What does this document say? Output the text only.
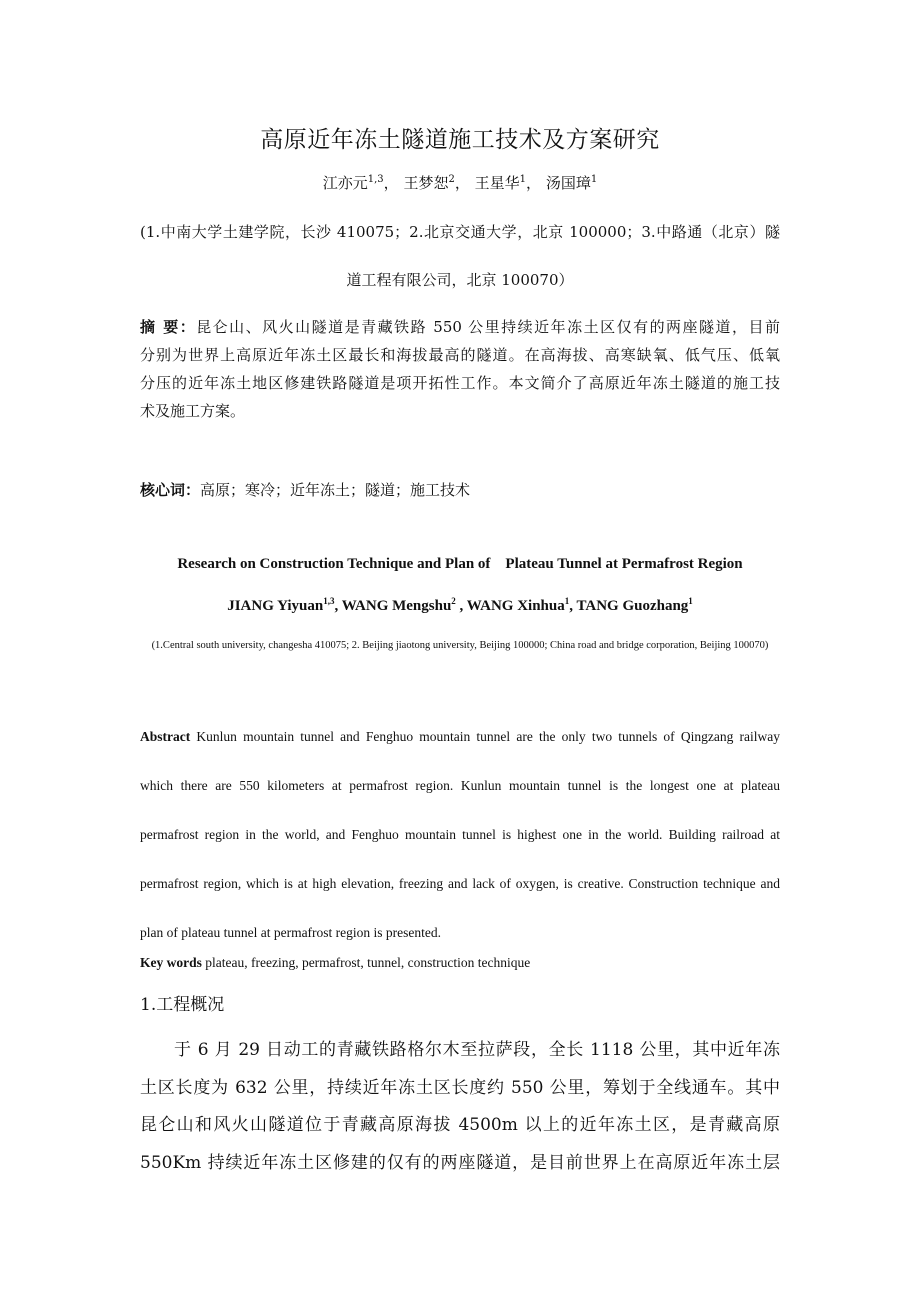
高原近年冻土隧道施工技术及方案研究
江亦元$^{1,3}$， 王梦恕$^2$， 王星华$^1$， 汤国璋$^1$
(1.中南大学土建学院，长沙 410075；2.北京交通大学，北京 100000；3.中路通（北京）隧
道工程有限公司，北京 100070）
摘 要：昆仑山、风火山隧道是青藏铁路 550 公里持续近年冻土区仅有的两座隧道，目前
分别为世界上高原近年冻土区最长和海拔最高的隧道。在高海拔、高寒缺氧、低气压、低氧
分压的近年冻土地区修建铁路隧道是项开拓性工作。本文简介了高原近年冻土隧道的施工技
术及施工方案。
核心词：高原；寒冷；近年冻土；隧道；施工技术
Research on Construction Technique and Plan of    Plateau Tunnel at Permafrost Region
JIANG Yiyuan$^{1,3}$, WANG Mengshu$^2$ , WANG Xinhua$^1$, TANG Guozhang$^1$
(1.Central south university, changesha 410075; 2. Beijing jiaotong university, Beijing 100000; China road and bridge corporation, Beijing 100070)
Abstract Kunlun mountain tunnel and Fenghuo mountain tunnel are the only two tunnels of Qingzang railway
which there are 550 kilometers at permafrost region. Kunlun mountain tunnel is the longest one at plateau
permafrost region in the world, and Fenghuo mountain tunnel is highest one in the world. Building railroad at
permafrost region, which is at high elevation, freezing and lack of oxygen, is creative. Construction technique and
plan of plateau tunnel at permafrost region is presented.
Key words plateau, freezing, permafrost, tunnel, construction technique
1.工程概况
于 6 月 29 日动工的青藏铁路格尔木至拉萨段，全长 1118 公里，其中近年冻
土区长度为 632 公里，持续近年冻土区长度约 550 公里，筹划于全线通车。其中
昆仑山和风火山隧道位于青藏高原海拔 4500m 以上的近年冻土区，是青藏高原
550Km 持续近年冻土区修建的仅有的两座隧道，是目前世界上在高原近年冻土层
